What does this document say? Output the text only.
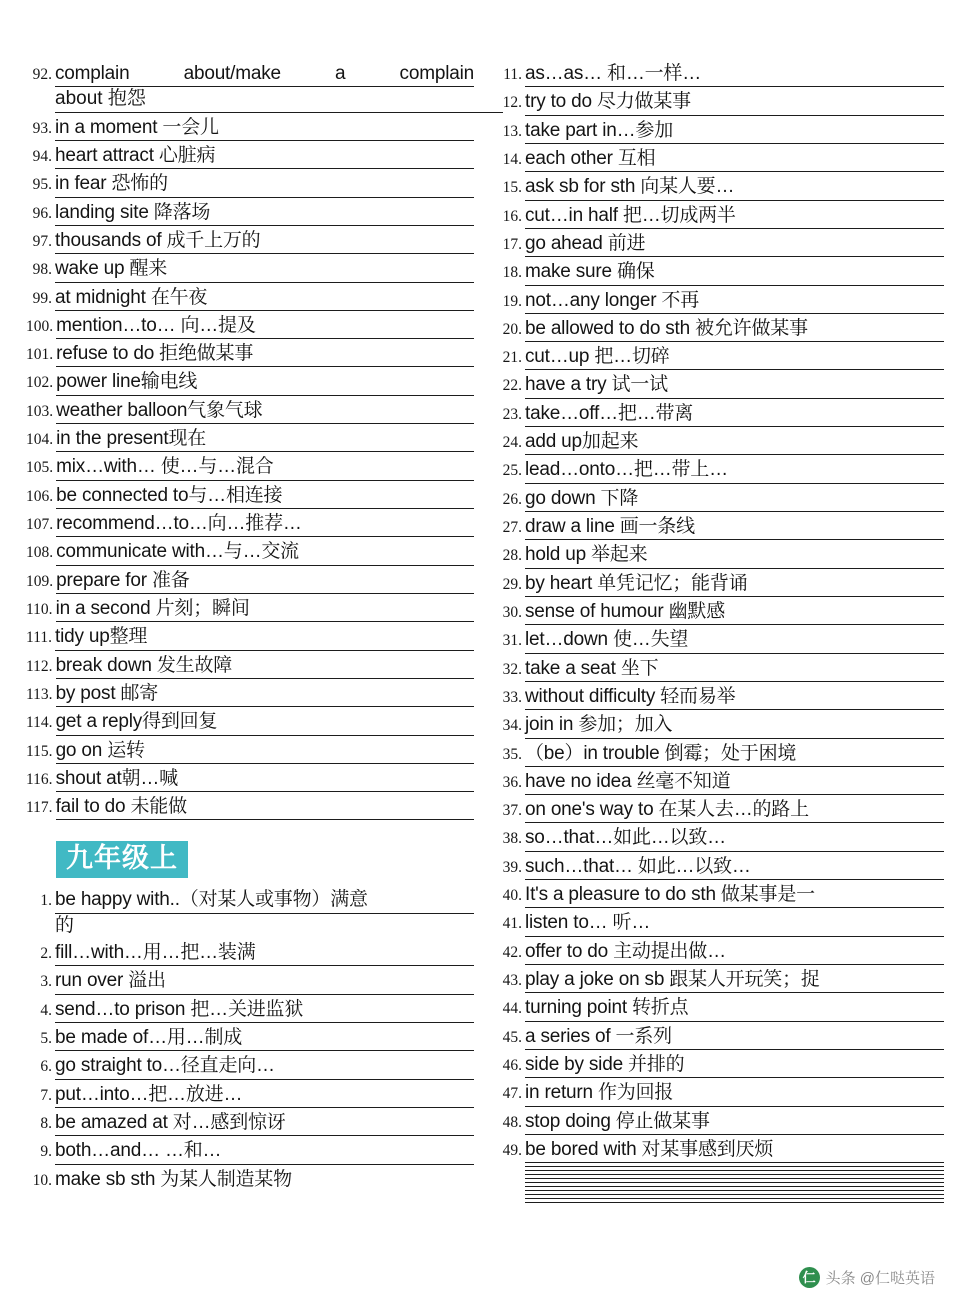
92. complain about/make a complain
about 抱怨
93. in a moment 一会儿
94. heart attract 心脏病
95. in fear 恐怖的
96. landing site 降落场
97. thousands of 成千上万的
98. wake up 醒来
99. at midnight 在午夜
100. mention…to… 向…提及
101. refuse to do 拒绝做某事
102. power line输电线
103. weather balloon气象气球
104. in the present现在
105. mix…with… 使…与…混合
106. be connected to与…相连接
107. recommend…to…向…推荐…
108. communicate with…与…交流
109. prepare for 准备
110. in a second 片刻；瞬间
111. tidy up整理
112. break down 发生故障
113. by post 邮寄
114. get a reply得到回复
115. go on 运转
116. shout at朝…喊
117. fail to do 未能做
九年级上
1. be happy with..（对某人或事物）满意
的
2. fill…with…用…把…装满
3. run over 溢出
4. send…to prison 把…关进监狱
5. be made of…用…制成
6. go straight to…径直走向…
7. put…into…把…放进…
8. be amazed at 对…感到惊讶
9. both…and… …和…
10. make sb sth 为某人制造某物
11. as…as… 和…一样…
12. try to do 尽力做某事
13. take part in…参加
14. each other 互相
15. ask sb for sth 向某人要…
16. cut…in half 把…切成两半
17. go ahead 前进
18. make sure 确保
19. not…any longer 不再
20. be allowed to do sth 被允许做某事
21. cut…up 把…切碎
22. have a try 试一试
23. take…off…把…带离
24. add up加起来
25. lead…onto…把…带上…
26. go down 下降
27. draw a line 画一条线
28. hold up 举起来
29. by heart 单凭记忆；能背诵
30. sense of humour 幽默感
31. let…down 使…失望
32. take a seat 坐下
33. without difficulty 轻而易举
34. join in 参加；加入
35. （be）in trouble 倒霉；处于困境
36. have no idea 丝毫不知道
37. on one's way to 在某人去…的路上
38. so…that…如此…以致…
39. such…that… 如此…以致…
40. It's a pleasure to do sth 做某事是一
41. listen to… 听…
42. offer to do 主动提出做…
43. play a joke on sb 跟某人开玩笑；捉
44. turning point 转折点
45. a series of 一系列
46. side by side 并排的
47. in return 作为回报
48. stop doing 停止做某事
49. be bored with 对某事感到厌烦
仁 头条 @仁哒英语
